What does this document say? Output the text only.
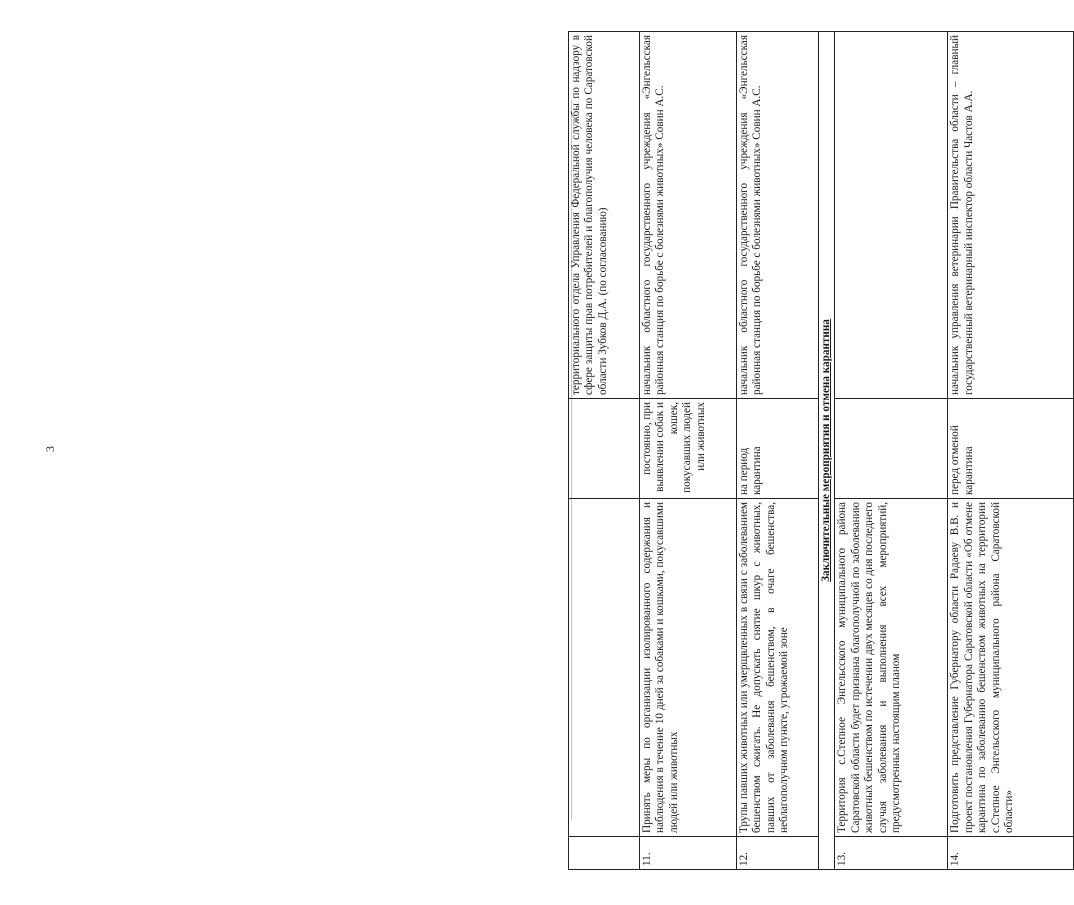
3
			территориального отдела Управления Федеральной службы по надзору в сфере защиты прав потребителей и благополучия человека по Саратовской области Зубков Д.А. (по согласованию)
11.	Принять меры по организации изолированного содержания и наблюдения в течение 10 дней за собаками и кошками, покусавшими людей или животных	постоянно, при выявлении собак и кошек, покусавших людей или животных	начальник областного государственного учреждения «Энгельсская районная станция по борьбе с болезнями животных» Совин А.С.
12.	Трупы павших животных или умерщвленных в связи с заболеванием бешенством сжигать. Не допускать снятие шкур с животных, павших от заболевания бешенством, в очаге бешенства, неблагополучном пункте, угрожаемой зоне	на период карантина	начальник областного государственного учреждения «Энгельсская районная станция по борьбе с болезнями животных» Совин А.С.
Заключительные мероприятия и отмена карантина			
13.	Территория с.Степное Энгельсского муниципального района Саратовской области будет признана благополучной по заболеванию животных бешенством по истечении двух месяцев со дня последнего случая заболевания и выполнения всех мероприятий, предусмотренных настоящим планом		
14.	Подготовить представление Губернатору области Радаеву В.В. и проект постановления Губернатора Саратовской области «Об отмене карантина по заболеванию бешенством животных на территории с.Степное Энгельсского муниципального района Саратовской области»	перед отменой карантина	начальник управления ветеринарии Правительства области – главный государственный ветеринарный инспектор области Частов А.А.
